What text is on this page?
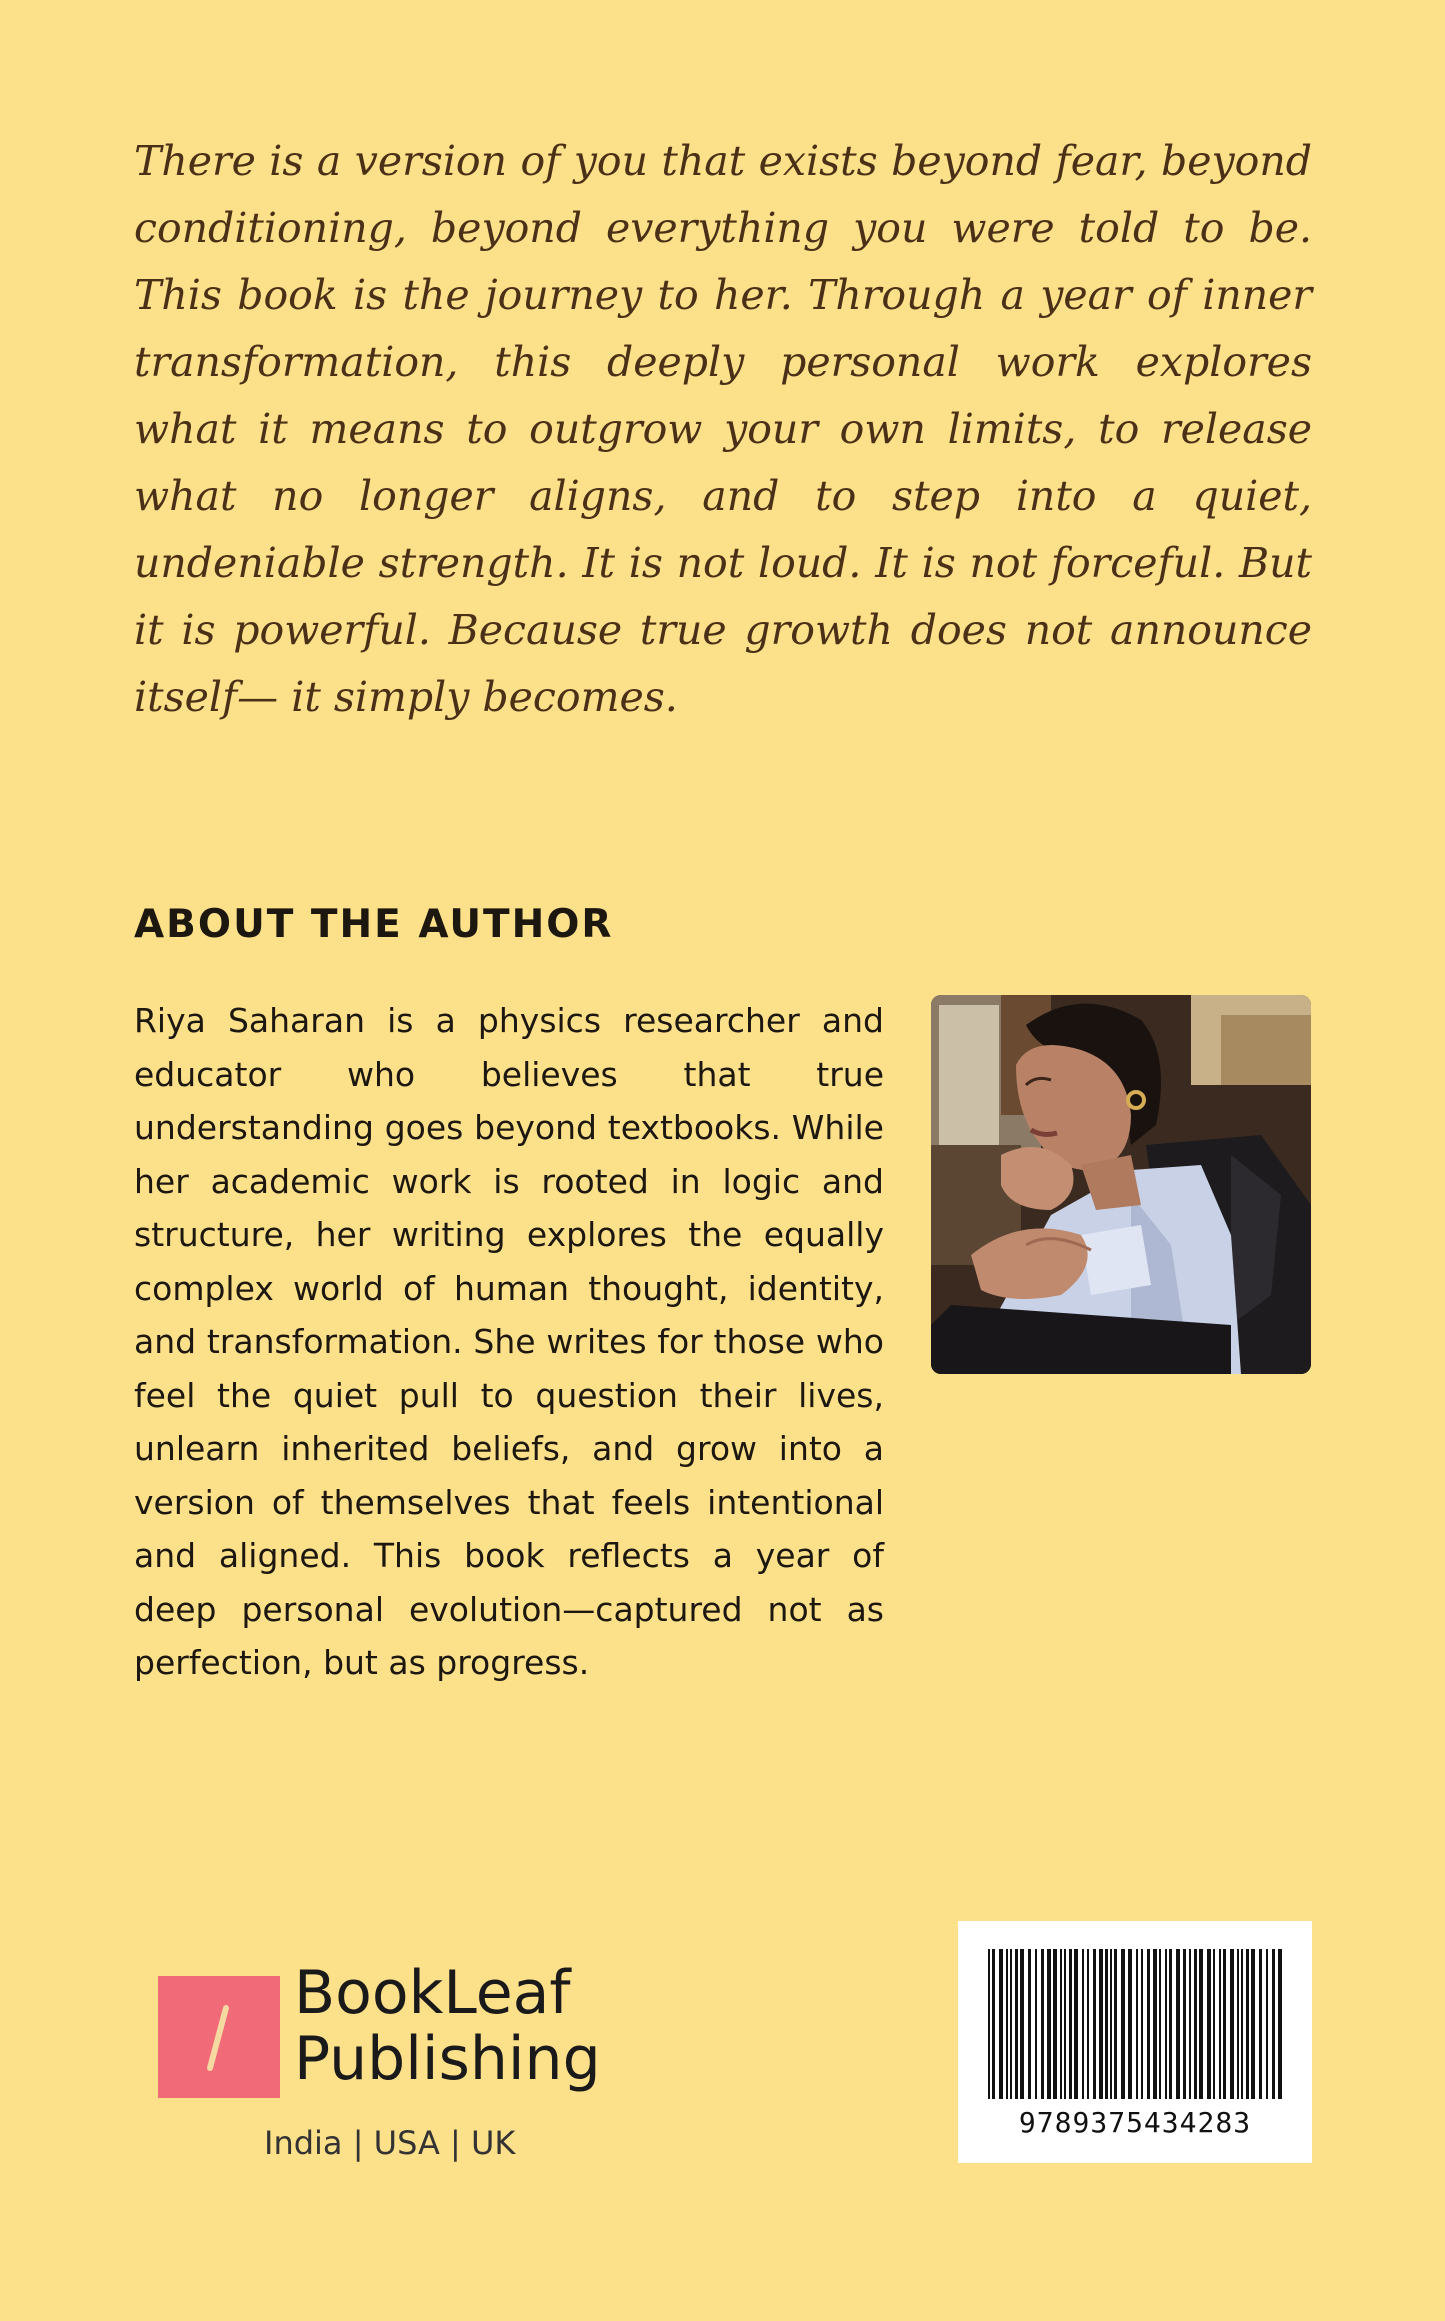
There is a version of you that exists beyond fear, beyond conditioning, beyond everything you were told to be. This book is the journey to her. Through a year of inner transformation, this deeply personal work explores what it means to outgrow your own limits, to release what no longer aligns, and to step into a quiet, undeniable strength. It is not loud. It is not forceful. But it is powerful. Because true growth does not announce itself— it simply becomes.

ABOUT THE AUTHOR

Riya Saharan is a physics researcher and educator who believes that true understanding goes beyond textbooks. While her academic work is rooted in logic and structure, her writing explores the equally complex world of human thought, identity, and transformation. She writes for those who feel the quiet pull to question their lives, unlearn inherited beliefs, and grow into a version of themselves that feels intentional and aligned. This book reflects a year of deep personal evolution—captured not as perfection, but as progress.

BookLeaf
Publishing

India | USA | UK

9789375434283
